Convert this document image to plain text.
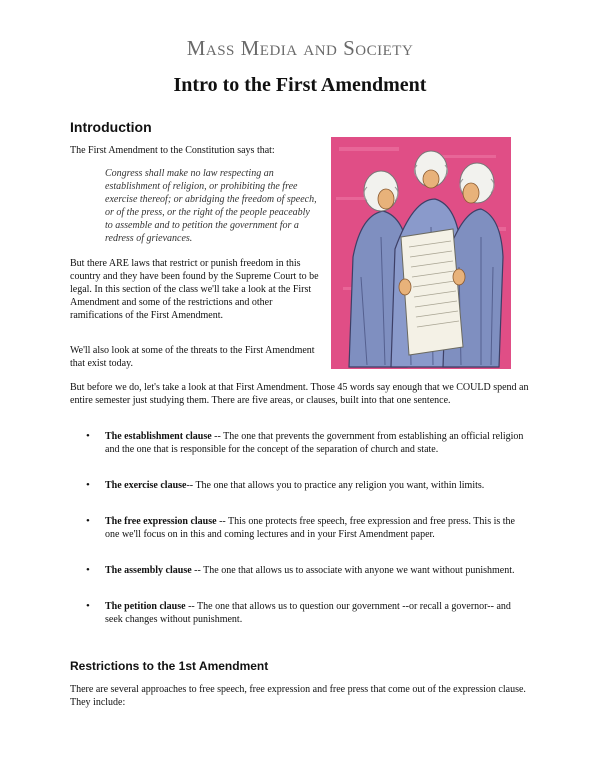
Mass Media and Society
Intro to the First Amendment
Introduction

The First Amendment to the Constitution says that:

Congress shall make no law respecting an establishment of religion, or prohibiting the free exercise thereof; or abridging the freedom of speech, or of the press, or the right of the people peaceably to assemble and to petition the government for a redress of grievances.

But there ARE laws that restrict or punish freedom in this country and they have been found by the Supreme Court to be legal. In this section of the class we'll take a look at the First Amendment and some of the restrictions and other ramifications of the First Amendment.

We'll also look at some of the threats to the First Amendment that exist today.

But before we do, let's take a look at that First Amendment. Those 45 words say enough that we COULD spend an entire semester just studying them. There are five areas, or clauses, built into that one sentence.

• The establishment clause -- The one that prevents the government from establishing an official religion and the one that is responsible for the concept of the separation of church and state.
• The exercise clause-- The one that allows you to practice any religion you want, within limits.
• The free expression clause -- This one protects free speech, free expression and free press. This is the one we'll focus on in this and coming lectures and in your First Amendment paper.
• The assembly clause -- The one that allows us to associate with anyone we want without punishment.
• The petition clause -- The one that allows us to question our government --or recall a governor-- and seek changes without punishment.
Restrictions to the 1st Amendment

There are several approaches to free speech, free expression and free press that come out of the expression clause. They include:
